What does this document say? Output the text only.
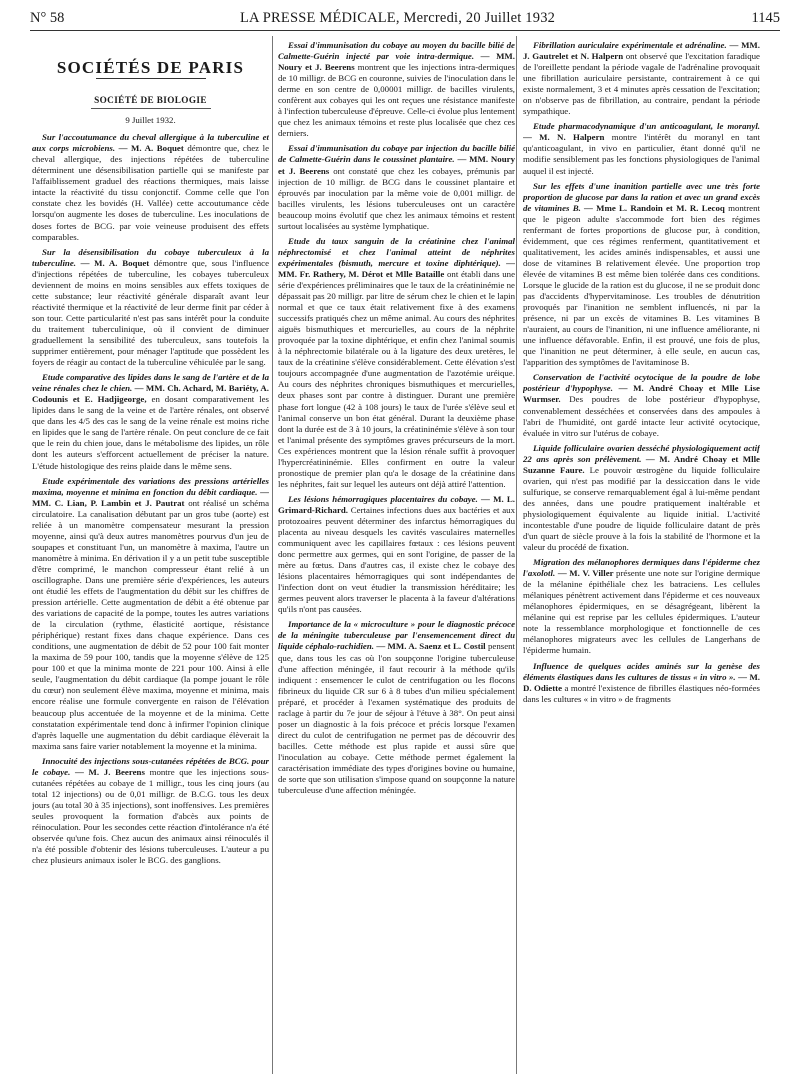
N° 58	LA PRESSE MÉDICALE, Mercredi, 20 Juillet 1932	1145
SOCIÉTÉS DE PARIS
SOCIÉTÉ DE BIOLOGIE
9 Juillet 1932.

Sur l'accoutumance du cheval allergique à la tuberculine et aux corps microbiens. — M. A. Boquet démontre que, chez le cheval allergique, des injections répétées de tuberculine déterminent une désensibilisation partielle qui se manifeste par l'affaiblissement graduel des réactions thermiques, mais laisse intacte la réactivité du tissu conjonctif. Comme celle que l'on constate chez les bovidés (H. Vallée) cette accoutumance cède lorsqu'on augmente les doses de tuberculine. Les inoculations de doses fortes de BCG. par voie veineuse produisent des effets comparables.

Sur la désensibilisation du cobaye tuberculeux à la tuberculine. — M. A. Boquet démontre que, sous l'influence d'injections répétées de tuberculine, les cobayes tuberculeux deviennent de moins en moins sensibles aux effets toxiques de cette substance; leur réactivité générale disparaît avant leur réactivité thermique et la réactivité de leur derme finit par céder à son tour. Cette particularité n'est pas sans intérêt pour la conduite du traitement tuberculinique, où il convient de diminuer graduellement la sensibilité des tuberculeux, sans toutefois la supprimer entièrement, pour ménager l'aptitude que possèdent les foyers de réagir au contact de la tuberculine véhiculée par le sang.

Etude comparative des lipides dans le sang de l'artère et de la veine rénales chez le chien. — MM. Ch. Achard, M. Bariéty, A. Codounis et E. Hadjigeorge, en dosant comparativement les lipides dans le sang de la veine et de l'artère rénales, ont observé que dans les 4/5 des cas le sang de la veine rénale est moins riche en lipides que le sang de l'artère rénale. On peut conclure de ce fait que le rein du chien joue, dans le métabolisme des lipides, un rôle dont les auteurs s'efforcent actuellement de préciser la nature. L'étude histologique des reins plaide dans le même sens.

Etude expérimentale des variations des pressions artérielles maxima, moyenne et minima en fonction du débit cardiaque. — MM. C. Lian, P. Lambin et J. Pautrat ont réalisé un schéma circulatoire. La canalisation débutant par un gros tube (aorte) est reliée à un manomètre compensateur mesurant la pression moyenne, ainsi qu'à deux autres manomètres pourvus d'un jeu de soupapes et constituant l'un, un manomètre à maxima, l'autre un manomètre à minima. En dérivation il y a un petit tube susceptible d'être comprimé, le manchon compresseur étant relié à un oscillographe. Dans une première série d'expériences, les auteurs ont étudié les effets de l'augmentation du débit sur les chiffres de pression artérielle. Cette augmentation de débit a été obtenue par des variations de capacité de la pompe, toutes les autres variations de la circulation (rythme, élasticité aortique, résistance périphérique) restant fixes dans chaque expérience. Dans ces conditions, une augmentation de débit de 52 pour 100 fait monter la maxima de 59 pour 100, tandis que la moyenne s'élève de 125 pour 100 et que la minima monte de 221 pour 100. Ainsi à elle seule, l'augmentation du débit cardiaque (la pompe jouant le rôle du cœur) non seulement élève maxima, moyenne et minima, mais encore réalise une formule convergente en raison de l'élévation beaucoup plus accentuée de la moyenne et de la minima. Cette constatation expérimentale tend donc à infirmer l'opinion clinique d'après laquelle une augmentation du débit cardiaque élèverait la maxima sans faire varier notablement la moyenne et la minima.

Innocuité des injections sous-cutanées répétées de BCG. pour le cobaye. — M. J. Beerens montre que les injections sous-cutanées répétées au cobaye de 1 milligr., tous les cinq jours (au total 12 injections) ou de 0,01 milligr. de B.C.G. tous les deux jours (au total 30 à 35 injections), sont inoffensives. Les premières seules provoquent la formation d'abcès aux points de réinoculation. Pour les secondes cette réaction d'intolérance n'a été observée qu'une fois. Chez aucun des animaux ainsi réinoculés il n'a été possible d'obtenir des lésions tuberculeuses. L'auteur a pu chez plusieurs animaux isoler le BCG. des ganglions.

Essai d'immunisation du cobaye au moyen du bacille bilié de Calmette-Guérin injecté par voie intra-dermique. — MM. Noury et J. Beerens montrent que les injections intra-dermiques de 10 milligr. de BCG en couronne, suivies de l'inoculation dans le derme en son centre de 0,00001 milligr. de bacilles virulents, confèrent aux cobayes qui les ont reçues une résistance manifeste à l'infection tuberculeuse d'épreuve. Celle-ci évolue plus lentement que chez les animaux témoins et reste plus localisée que chez ces derniers.

Essai d'immunisation du cobaye par injection du bacille bilié de Calmette-Guérin dans le coussinet plantaire. — MM. Noury et J. Beerens ont constaté que chez les cobayes, prémunis par injection de 10 milligr. de BCG dans le coussinet plantaire et éprouvés par inoculation par la même voie de 0,001 milligr. de bacilles virulents, les lésions tuberculeuses ont un caractère beaucoup moins évolutif que chez les animaux témoins et restent surtout localisées au système lymphatique.

Etude du taux sanguin de la créatinine chez l'animal néphrectomisé et chez l'animal atteint de néphrites expérimentales (bismuth, mercure et toxine diphtérique). — MM. Fr. Rathery, M. Dérot et Mlle Bataille ont établi dans une série d'expériences préliminaires que le taux de la créatininémie ne dépassait pas 20 milligr. par litre de sérum chez le chien et le lapin normal et que ce taux était relativement fixe à des examens successifs pratiqués chez un même animal. Au cours des néphrites aiguës bismuthiques et mercurielles, au cours de la néphrite provoquée par la toxine diphtérique, et enfin chez l'animal soumis à la néphrectomie bilatérale ou à la ligature des deux uretères, le taux de la créatinine s'élève considérablement. Cette élévation s'est toujours accompagnée d'une augmentation de l'azotémie uréique. Au cours des néphrites chroniques bismuthiques et mercurielles, deux phases sont par contre à distinguer. Durant une première phase fort longue (42 à 108 jours) le taux de l'urée s'élève seul et l'animal conserve un bon état général. Durant la deuxième phase dont la durée est de 3 à 10 jours, la créatininémie s'élève à son tour et l'animal présente des symptômes graves précurseurs de la mort. Ces expériences montrent que la lésion rénale suffit à provoquer l'hypercréatininémie. Elles confirment en outre la valeur pronostique de premier plan qu'a le dosage de la créatinine dans les néphrites, fait sur lequel les auteurs ont déjà attiré l'attention.

Les lésions hémorragiques placentaires du cobaye. — M. L. Grimard-Richard. Certaines infections dues aux bactéries et aux protozoaires peuvent déterminer des infarctus hémorragiques du placenta au niveau desquels les cavités vasculaires maternelles communiquent avec les capillaires fœtaux : ces lésions peuvent donc permettre aux germes, qui en sont l'origine, de passer de la mère au fœtus. Dans d'autres cas, il existe chez le cobaye des lésions placentaires hémorragiques qui sont indépendantes de l'infection dont on veut étudier la transmission héréditaire; les germes peuvent alors traverser le placenta à la faveur d'altérations qu'ils n'ont pas causées.

Importance de la « microculture » pour le diagnostic précoce de la méningite tuberculeuse par l'ensemencement direct du liquide céphalo-rachidien. — MM. A. Saenz et L. Costil pensent que, dans tous les cas où l'on soupçonne l'origine tuberculeuse d'une affection méningée, il faut recourir à la méthode qu'ils indiquent : ensemencer le culot de centrifugation ou les flocons fibrineux du liquide CR sur 6 à 8 tubes d'un milieu spécialement préparé, et procéder à l'examen systématique des produits de raclage à partir du 7e jour de séjour à l'étuve à 38°. On peut ainsi poser un diagnostic à la fois précoce et précis lorsque l'examen direct du culot de centrifugation ne permet pas de découvrir des bacilles. Cette méthode est plus rapide et aussi sûre que l'inoculation au cobaye. Cette méthode permet également la caractérisation immédiate des types d'origines bovine ou humaine, de sorte que son utilisation s'impose quand on soupçonne la nature tuberculeuse d'une affection méningée.

Fibrillation auriculaire expérimentale et adrénaline. — MM. J. Gautrelet et N. Halpern ont observé que l'excitation faradique de l'oreillette pendant la période vagale de l'adrénaline provoquait une fibrillation auriculaire persistante, contrairement à ce qui existe normalement, 3 et 4 minutes après cessation de l'excitation; on n'observe pas de fibrillation, au contraire, pendant la période sympathique.

Etude pharmacodynamique d'un anticoagulant, le moranyl. — M. N. Halpern montre l'intérêt du moranyl en tant qu'anticoagulant, in vivo en particulier, étant donné qu'il ne modifie sensiblement pas les fonctions physiologiques de l'animal auquel il est injecté.

Sur les effets d'une inanition partielle avec une très forte proportion de glucose par dans la ration et avec un grand excès de vitamines B. — Mme L. Randoin et M. R. Lecoq montrent que le pigeon adulte s'accommode fort bien des régimes renfermant de fortes proportions de glucose pur, à condition, évidemment, que ces régimes renferment, quantitativement et qualitativement, les acides aminés indispensables, et aussi une dose de vitamines B relativement élevée. Une proportion trop élevée de vitamines B est même bien tolérée dans ces conditions. Lorsque le glucide de la ration est du glucose, il ne se produit donc pas d'accidents d'hypervitaminose. Les troubles de dénutrition provoqués par l'inanition ne semblent influencés, ni par la présence, ni par un excès de vitamines B. Les vitamines B n'auraient, au cours de l'inanition, ni une influence améliorante, ni une influence défavorable. Enfin, il est prouvé, une fois de plus, que l'inanition ne peut déterminer, à elle seule, en aucun cas, l'apparition des symptômes de l'avitaminose B.

Conservation de l'activité ocytocique de la poudre de lobe postérieur d'hypophyse. — M. André Choay et Mlle Lise Wurmser. Des poudres de lobe postérieur d'hypophyse, convenablement desséchées et conservées dans des ampoules à l'abri de l'humidité, ont gardé intacte leur activité ocytocique, évaluée in vitro sur l'utérus de cobaye.

Liquide folliculaire ovarien desséché physiologiquement actif 22 ans après son prélèvement. — M. André Choay et Mlle Suzanne Faure. Le pouvoir œstrogène du liquide folliculaire ovarien, qui n'est pas modifié par la dessiccation dans le vide sulfurique, se conserve remarquablement égal à lui-même pendant des années, dans une poudre pratiquement inaltérable et physiologiquement équivalente au liquide initial. L'activité incontestable d'une poudre de liquide folliculaire datant de près d'un quart de siècle prouve à la fois la stabilité de l'hormone et la valeur du procédé de fixation.

Migration des mélanophores dermiques dans l'épiderme chez l'axolotl. — M. V. Viller présente une note sur l'origine dermique de la mélanine épithéliale chez les batraciens. Les cellules mélaniques pénètrent activement dans l'épiderme et ces nouveaux mélanophores épidermiques, en se désagrégeant, libèrent la mélanine qui est reprise par les cellules épidermiques. L'auteur note la ressemblance morphologique et fonctionnelle de ces mélanophores migrateurs avec les cellules de Langerhans de l'épiderme humain.

Influence de quelques acides aminés sur la genèse des éléments élastiques dans les cultures de tissus « in vitro ». — M. D. Odiette a montré l'existence de fibrilles élastiques néo-formées dans les cultures « in vitro » de fragments
